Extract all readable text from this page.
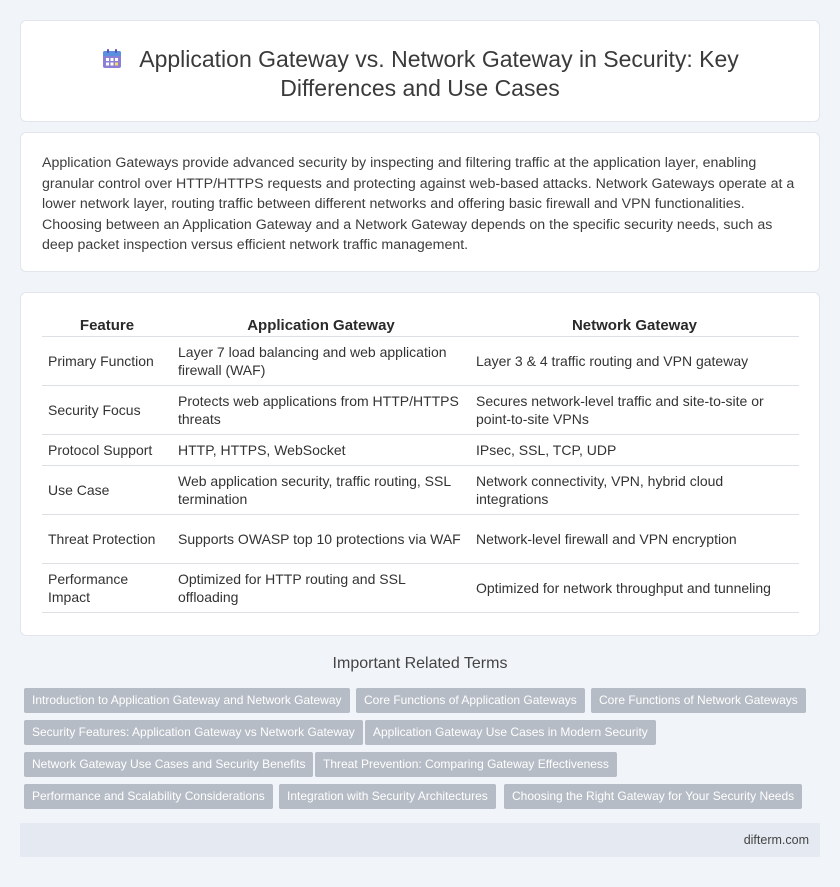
Application Gateway vs. Network Gateway in Security: Key Differences and Use Cases

Application Gateways provide advanced security by inspecting and filtering traffic at the application layer, enabling granular control over HTTP/HTTPS requests and protecting against web-based attacks. Network Gateways operate at a lower network layer, routing traffic between different networks and offering basic firewall and VPN functionalities. Choosing between an Application Gateway and a Network Gateway depends on the specific security needs, such as deep packet inspection versus efficient network traffic management.

Feature	Application Gateway	Network Gateway
Primary Function	Layer 7 load balancing and web application firewall (WAF)	Layer 3 & 4 traffic routing and VPN gateway
Security Focus	Protects web applications from HTTP/HTTPS threats	Secures network-level traffic and site-to-site or point-to-site VPNs
Protocol Support	HTTP, HTTPS, WebSocket	IPsec, SSL, TCP, UDP
Use Case	Web application security, traffic routing, SSL termination	Network connectivity, VPN, hybrid cloud integrations
Threat Protection	Supports OWASP top 10 protections via WAF	Network-level firewall and VPN encryption
Performance Impact	Optimized for HTTP routing and SSL offloading	Optimized for network throughput and tunneling
Important Related Terms
Introduction to Application Gateway and Network Gateway	Core Functions of Application Gateways	Core Functions of Network Gateways
Security Features: Application Gateway vs Network Gateway	Application Gateway Use Cases in Modern Security
Network Gateway Use Cases and Security Benefits	Threat Prevention: Comparing Gateway Effectiveness
Performance and Scalability Considerations	Integration with Security Architectures	Choosing the Right Gateway for Your Security Needs
difterm.com
